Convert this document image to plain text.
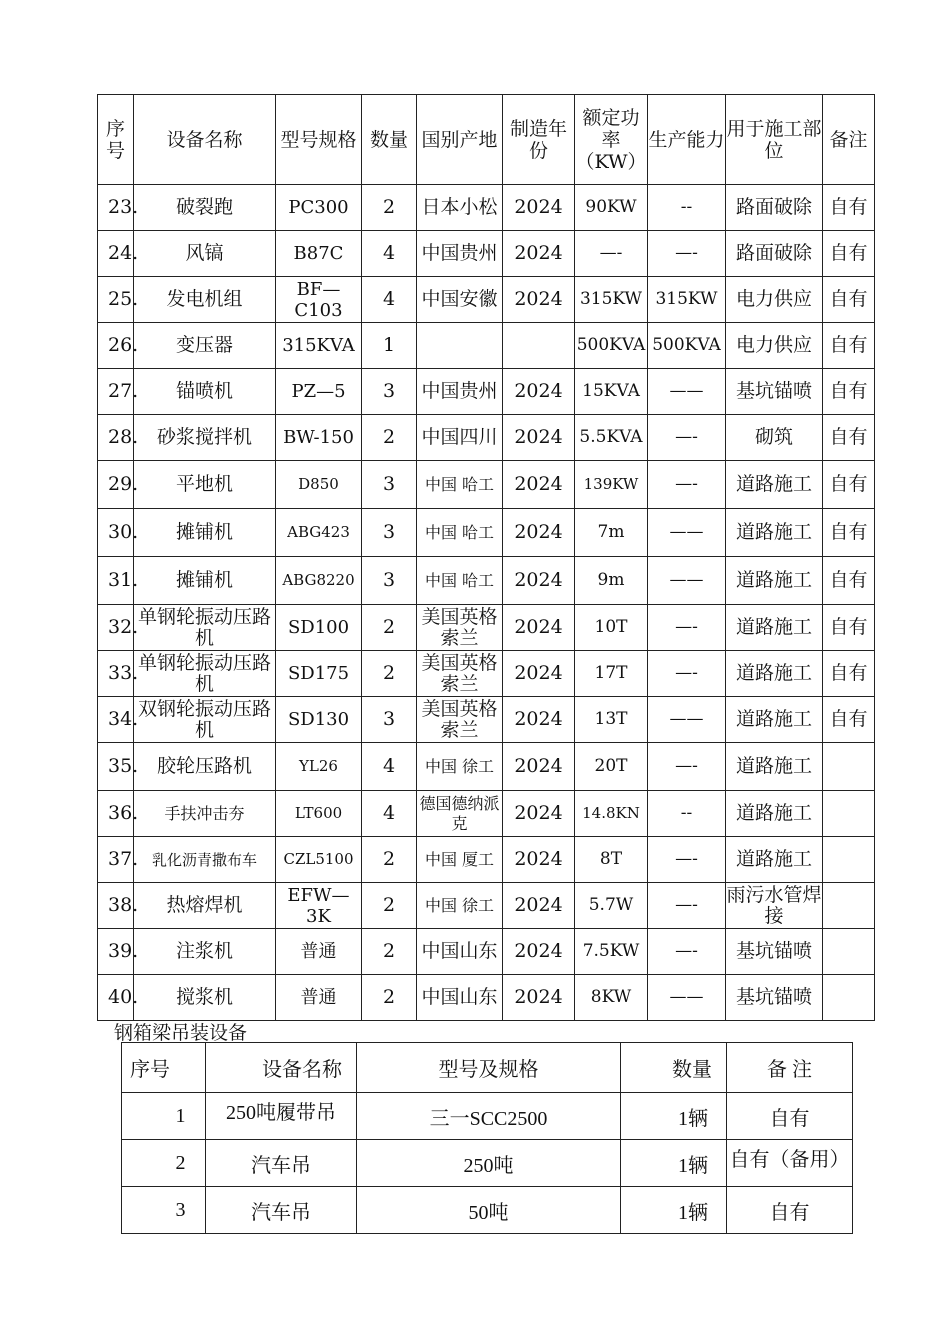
序号	设备名称	型号规格	数量	国别产地	制造年份	额定功率（KW）	生产能力	用于施工部位	备注
23.	破裂跑	PC300	2	日本小松	2024	90KW	--	路面破除	自有
24.	风镐	B87C	4	中国贵州	2024	—-	—-	路面破除	自有
25.	发电机组	BF—C103	4	中国安徽	2024	315KW	315KW	电力供应	自有
26.	变压器	315KVA	1			500KVA	500KVA	电力供应	自有
27.	锚喷机	PZ—5	3	中国贵州	2024	15KVA	——	基坑锚喷	自有
28.	砂浆搅拌机	BW-150	2	中国四川	2024	5.5KVA	—-	砌筑	自有
29.	平地机	D850	3	中国 哈工	2024	139KW	—-	道路施工	自有
30.	摊铺机	ABG423	3	中国 哈工	2024	7m	——	道路施工	自有
31.	摊铺机	ABG8220	3	中国 哈工	2024	9m	——	道路施工	自有
32.	单钢轮振动压路机	SD100	2	美国英格索兰	2024	10T	—-	道路施工	自有
33.	单钢轮振动压路机	SD175	2	美国英格索兰	2024	17T	—-	道路施工	自有
34.	双钢轮振动压路机	SD130	3	美国英格索兰	2024	13T	——	道路施工	自有
35.	胶轮压路机	YL26	4	中国 徐工	2024	20T	—-	道路施工	
36.	手扶冲击夯	LT600	4	德国德纳派克	2024	14.8KN	--	道路施工	
37.	乳化沥青撒布车	CZL5100	2	中国 厦工	2024	8T	—-	道路施工	
38.	热熔焊机	EFW—3K	2	中国 徐工	2024	5.7W	—-	雨污水管焊接	
39.	注浆机	普通	2	中国山东	2024	7.5KW	—-	基坑锚喷	
40.	搅浆机	普通	2	中国山东	2024	8KW	——	基坑锚喷	
钢箱梁吊装设备
序号	设备名称	型号及规格	数量	备 注
1	250吨履带吊	三一SCC2500	1辆	自有
2	汽车吊	250吨	1辆	自有（备用）

3	汽车吊	50吨	1辆	自有
